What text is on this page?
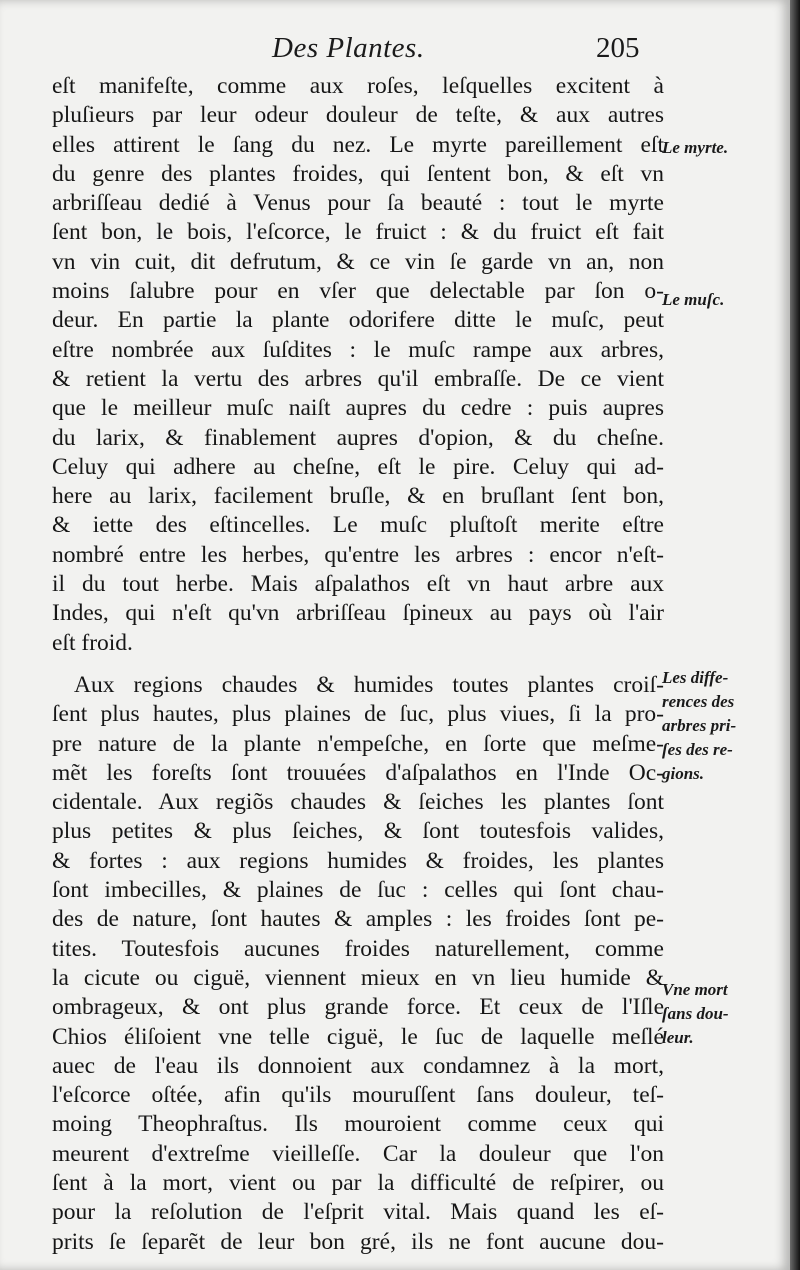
Des Plantes.	205
eſt manifeſte, comme aux roſes, leſquelles excitent à
pluſieurs par leur odeur douleur de teſte, & aux autres
elles attirent le ſang du nez. Le myrte pareillement eſt
du genre des plantes froides, qui ſentent bon, & eſt vn
arbriſſeau dedié à Venus pour ſa beauté : tout le myrte
ſent bon, le bois, l'eſcorce, le fruict : & du fruict eſt fait
vn vin cuit, dit defrutum, & ce vin ſe garde vn an, non
moins ſalubre pour en vſer que delectable par ſon o-
deur. En partie la plante odorifere ditte le muſc, peut
eſtre nombrée aux ſuſdites : le muſc rampe aux arbres,
& retient la vertu des arbres qu'il embraſſe. De ce vient
que le meilleur muſc naiſt aupres du cedre : puis aupres
du larix, & finablement aupres d'opion, & du cheſne.
Celuy qui adhere au cheſne, eſt le pire. Celuy qui ad-
here au larix, facilement bruſle, & en bruſlant ſent bon,
& iette des eſtincelles. Le muſc pluſtoſt merite eſtre
nombré entre les herbes, qu'entre les arbres : encor n'eſt-
il du tout herbe. Mais aſpalathos eſt vn haut arbre aux
Indes, qui n'eſt qu'vn arbriſſeau ſpineux au pays où l'air
eſt froid.
Aux regions chaudes & humides toutes plantes croiſ-
ſent plus hautes, plus plaines de ſuc, plus viues, ſi la pro-
pre nature de la plante n'empeſche, en ſorte que meſme-
mẽt les foreſts ſont trouuées d'aſpalathos en l'Inde Oc-
cidentale. Aux regiõs chaudes & ſeiches les plantes ſont
plus petites & plus ſeiches, & ſont toutesfois valides,
& fortes : aux regions humides & froides, les plantes
ſont imbecilles, & plaines de ſuc : celles qui ſont chau-
des de nature, ſont hautes & amples : les froides ſont pe-
tites. Toutesfois aucunes froides naturellement, comme
la cicute ou ciguë, viennent mieux en vn lieu humide &
ombrageux, & ont plus grande force. Et ceux de l'Iſle
Chios éliſoient vne telle ciguë, le ſuc de laquelle meſlé
auec de l'eau ils donnoient aux condamnez à la mort,
l'eſcorce oſtée, afin qu'ils mouruſſent ſans douleur, teſ-
moing Theophraſtus. Ils mouroient comme ceux qui
meurent d'extreſme vieilleſſe. Car la douleur que l'on
ſent à la mort, vient ou par la difficulté de reſpirer, ou
pour la reſolution de l'eſprit vital. Mais quand les eſ-
prits ſe ſeparẽt de leur bon gré, ils ne font aucune dou-
Le myrte.
Le muſc.
Les diffe-
rences des
arbres pri-
ſes des re-
gions.
Vne mort
ſans dou-
leur.
